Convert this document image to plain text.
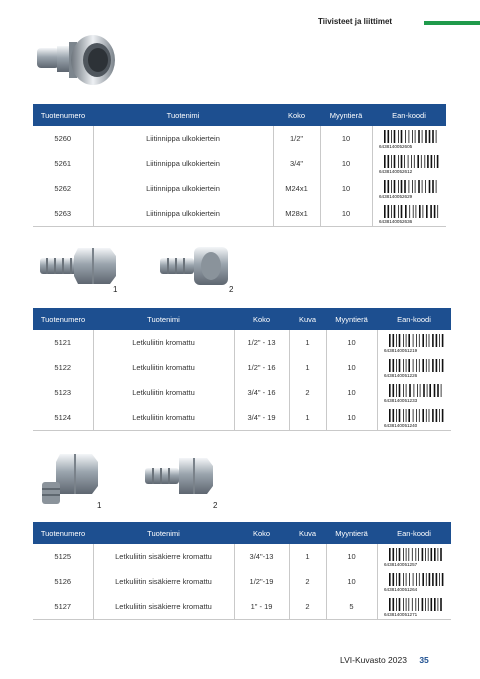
Tiivisteet ja liittimet
Tuotenumero	Tuotenimi	Koko	Myyntierä	Ean-koodi
5260	Liitinnippa ulkokiertein	1/2"	10	6438140052605

5261	Liitinnippa ulkokiertein	3/4"	10	6438140052612

5262	Liitinnippa ulkokiertein	M24x1	10	6438140052629

5263	Liitinnippa ulkokiertein	M28x1	10	6438140052636
1	2
Tuotenumero	Tuotenimi	Koko	Kuva	Myyntierä	Ean-koodi
5121	Letkuliitin kromattu	1/2" - 13	1	10	6438140051219

5122	Letkuliitin kromattu	1/2" - 16	1	10	6438140051226

5123	Letkuliitin kromattu	3/4" - 16	2	10	6438140051233

5124	Letkuliitin kromattu	3/4" - 19	1	10	6438140051240
1	2
Tuotenumero	Tuotenimi	Koko	Kuva	Myyntierä	Ean-koodi
5125	Letkuliitin sisäkierre kromattu	3/4"-13	1	10	6438140051257

5126	Letkuliitin sisäkierre kromattu	1/2"-19	2	10	6438140051264

5127	Letkuliitin sisäkierre kromattu	1" - 19	2	5	6438140051271
LVI-Kuvasto 2023 35
